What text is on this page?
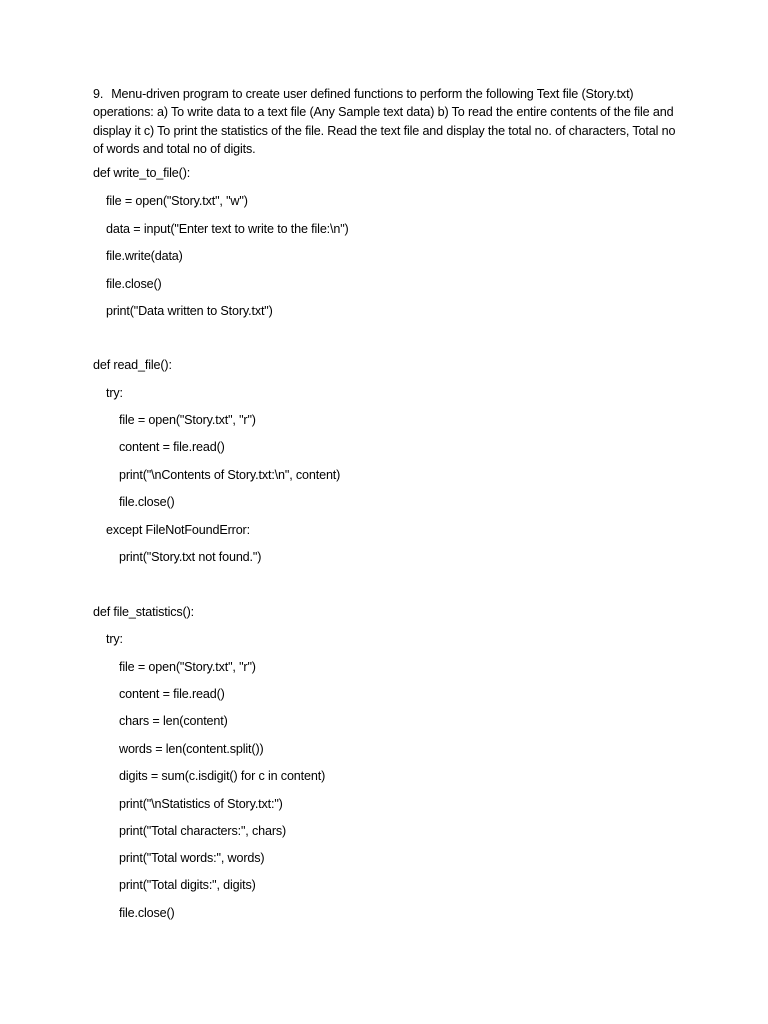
9. Menu-driven program to create user defined functions to perform the following Text file (Story.txt) operations: a) To write data to a text file (Any Sample text data) b) To read the entire contents of the file and display it c) To print the statistics of the file. Read the text file and display the total no. of characters, Total no of words and total no of digits.

def write_to_file():
file = open("Story.txt", "w")
data = input("Enter text to write to the file:\n")
file.write(data)
file.close()
print("Data written to Story.txt")
def read_file():
try:
file = open("Story.txt", "r")
content = file.read()
print("\nContents of Story.txt:\n", content)
file.close()
except FileNotFoundError:
print("Story.txt not found.")
def file_statistics():
try:
file = open("Story.txt", "r")
content = file.read()
chars = len(content)
words = len(content.split())
digits = sum(c.isdigit() for c in content)
print("\nStatistics of Story.txt:")
print("Total characters:", chars)
print("Total words:", words)
print("Total digits:", digits)
file.close()
